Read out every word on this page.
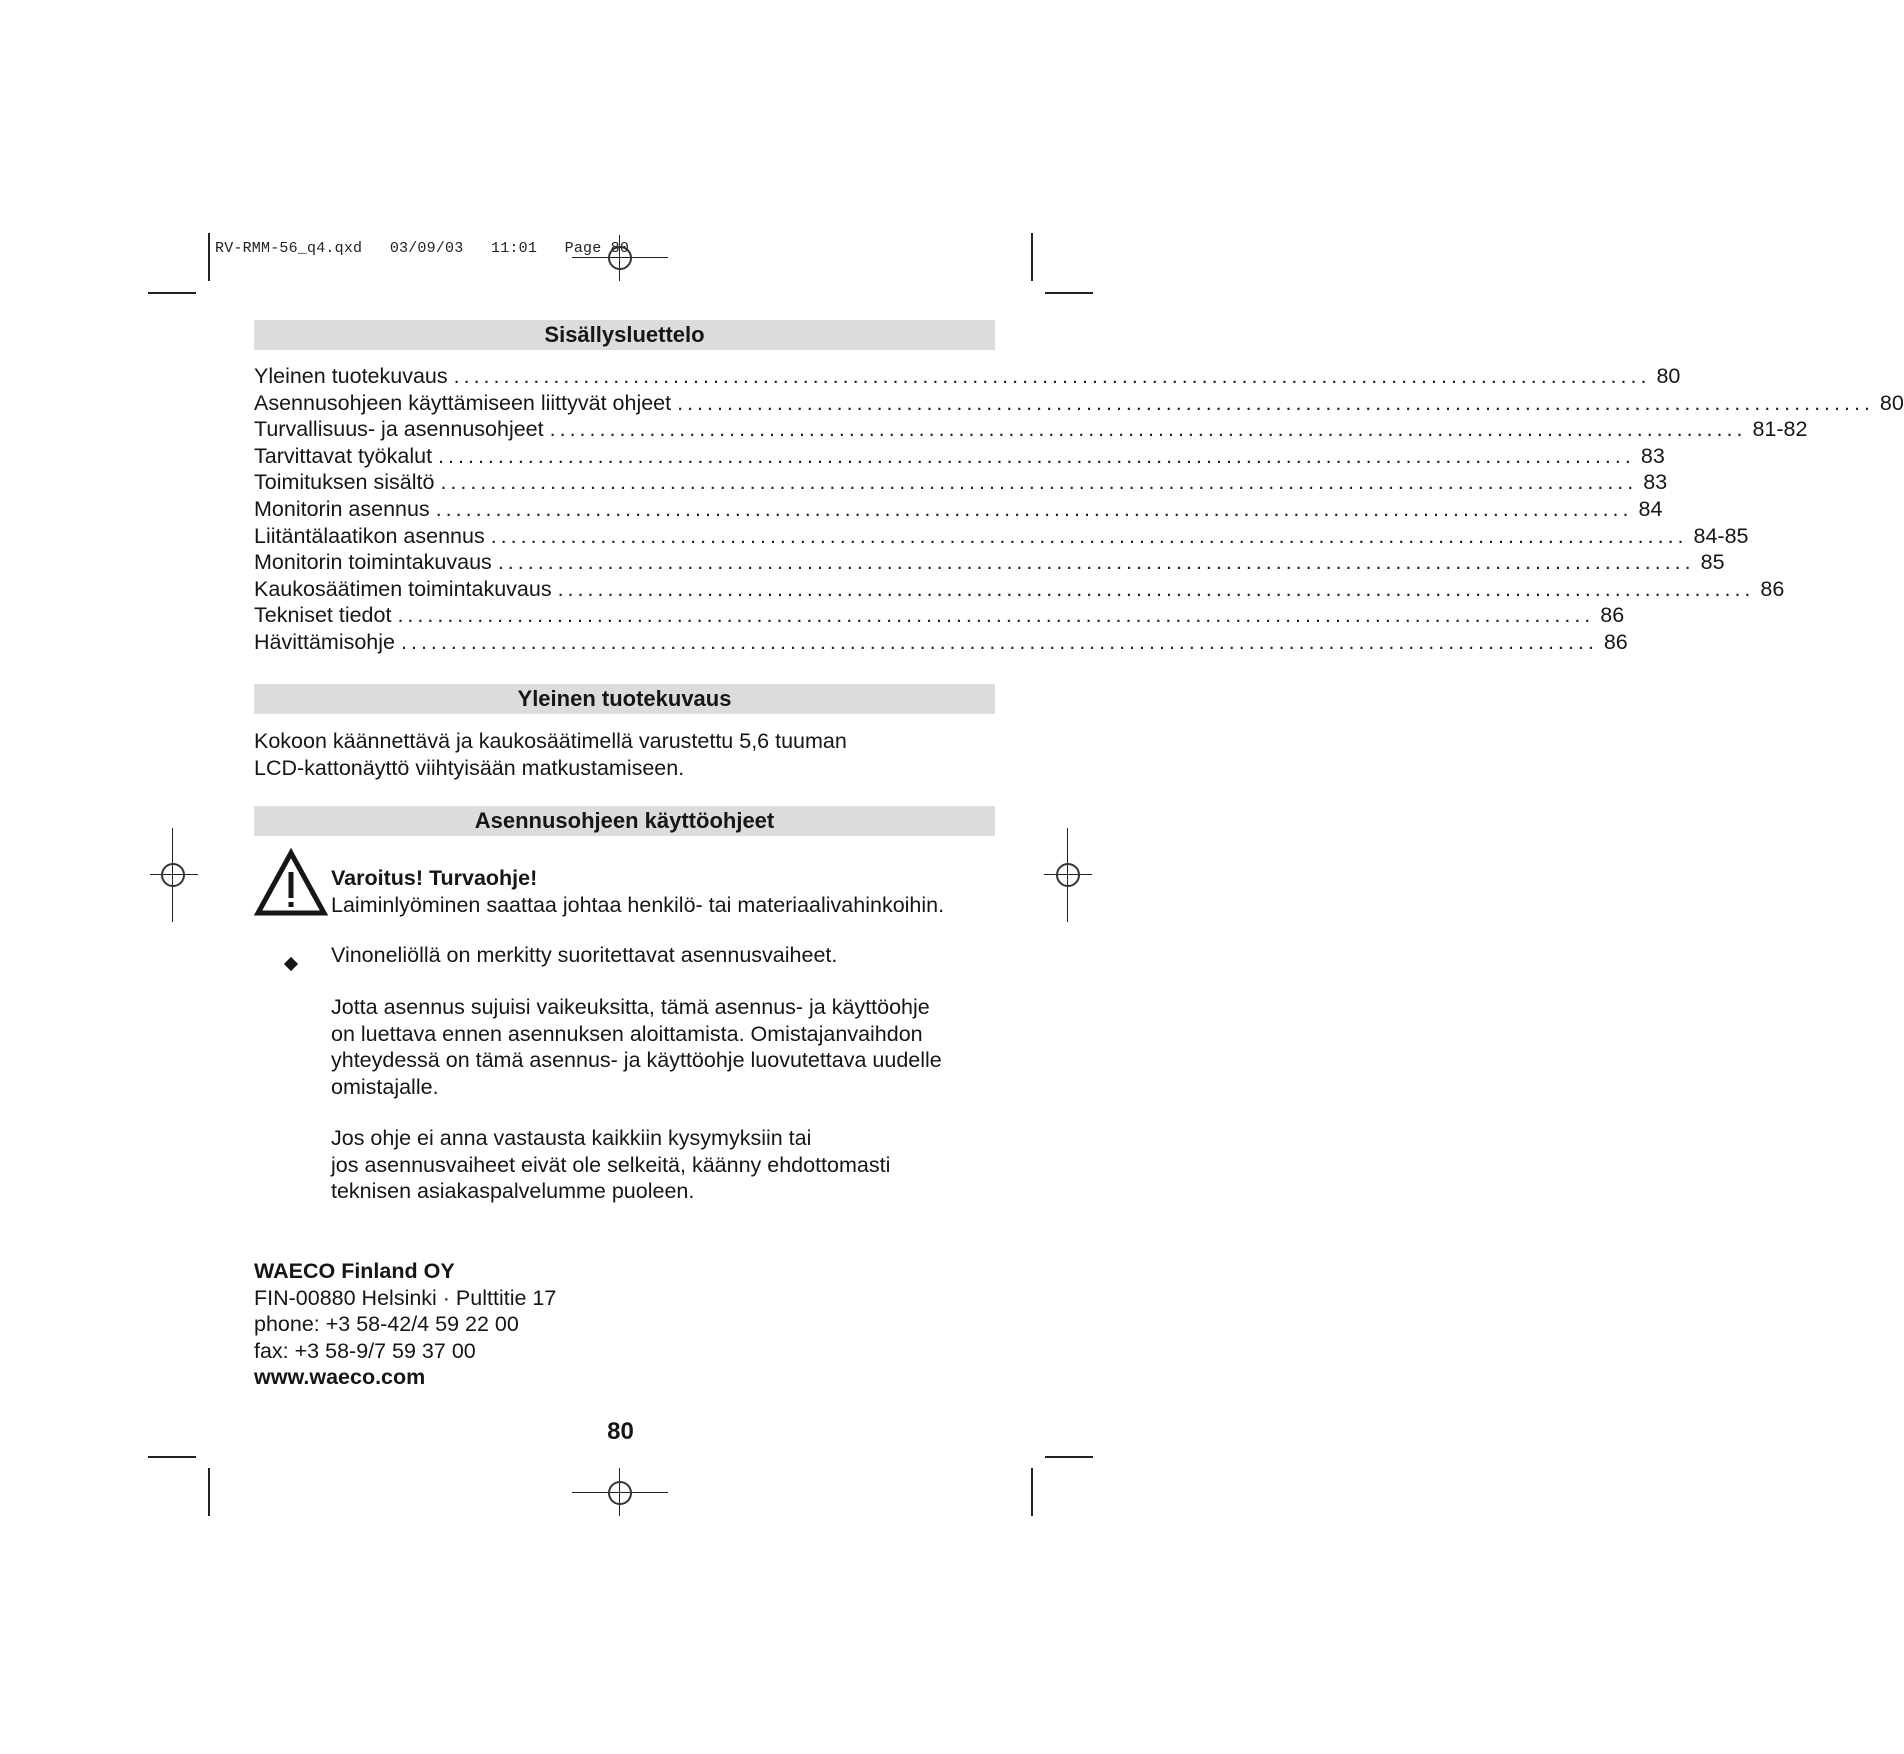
RV-RMM-56_q4.qxd   03/09/03   11:01   Page 80
Sisällysluettelo
Yleinen tuotekuvaus ........................................................................................................................ 80
Asennusohjeen käyttämiseen liittyvät ohjeet ........................................................................................................................ 80
Turvallisuus- ja asennusohjeet ........................................................................................................................ 81-82
Tarvittavat työkalut ........................................................................................................................ 83
Toimituksen sisältö ........................................................................................................................ 83
Monitorin asennus ........................................................................................................................ 84
Liitäntälaatikon asennus ........................................................................................................................ 84-85
Monitorin toimintakuvaus ........................................................................................................................ 85
Kaukosäätimen toimintakuvaus ........................................................................................................................ 86
Tekniset tiedot ........................................................................................................................ 86
Hävittämisohje ........................................................................................................................ 86
Yleinen tuotekuvaus
Kokoon käännettävä ja kaukosäätimellä varustettu 5,6 tuuman
LCD-kattonäyttö viihtyisään matkustamiseen.
Asennusohjeen käyttöohjeet
Varoitus! Turvaohje!
Laiminlyöminen saattaa johtaa henkilö- tai materiaalivahinkoihin.
Vinoneliöllä on merkitty suoritettavat asennusvaiheet.
Jotta asennus sujuisi vaikeuksitta, tämä asennus- ja käyttöohje
on luettava ennen asennuksen aloittamista. Omistajanvaihdon
yhteydessä on tämä asennus- ja käyttöohje luovutettava uudelle
omistajalle.
Jos ohje ei anna vastausta kaikkiin kysymyksiin tai
jos asennusvaiheet eivät ole selkeitä, käänny ehdottomasti
teknisen asiakaspalvelumme puoleen.
WAECO Finland OY
FIN-00880 Helsinki · Pulttitie 17
phone: +3 58-42/4 59 22 00
fax: +3 58-9/7 59 37 00
www.waeco.com
80
